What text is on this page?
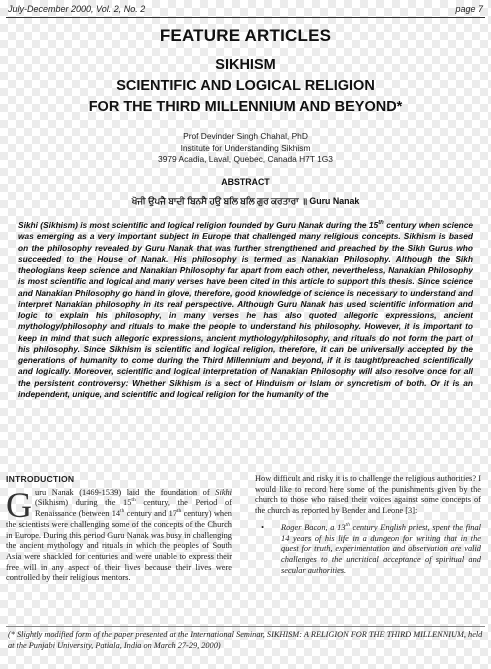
July-December 2000, Vol. 2, No. 2	page 7
FEATURE ARTICLES
SIKHISM
SCIENTIFIC AND LOGICAL RELIGION
FOR THE THIRD MILLENNIUM AND BEYOND*
Prof Devinder Singh Chahal, PhD
Institute for Understanding Sikhism
3979 Acadia, Laval, Quebec, Canada H7T 1G3
ABSTRACT
ਖੋਜੀ ਉਪਜੈ ਬਾਦੀ ਬਿਨਸੈ ਹਉ ਬਲਿ ਬਲਿ ਗੁਰ ਕਰਤਾਰਾ ॥ Guru Nanak
Sikhi (Sikhism) is most scientific and logical religion founded by Guru Nanak during the 15th century when science was emerging as a very important subject in Europe that challenged many religious concepts. Sikhism is based on the philosophy revealed by Guru Nanak that was further strengthened and preached by the Sikh Gurus who succeeded to the House of Nanak. His philosophy is termed as Nanakian Philosophy. Although the Sikh theologians keep science and Nanakian Philosophy far apart from each other, nevertheless, Nanakian Philosophy is most scientific and logical and many verses have been cited in this article to support this thesis. Since science and Nanakian Philosophy go hand in glove, therefore, good knowledge of science is necessary to understand and interpret Nanakian philosophy in its real perspective. Although Guru Nanak has used scientific information and logic to explain his philosophy, in many verses he has also quoted allegoric expressions, ancient mythology/philosophy and rituals to make the people to understand his philosophy. However, it is important to keep in mind that such allegoric expressions, ancient mythology/philosophy, and rituals do not form the part of his philosophy. Since Sikhism is scientific and logical religion, therefore, it can be universally accepted by the generations of humanity to come during the Third Millennium and beyond, if it is taught/preached scientifically and logically. Moreover, scientific and logical interpretation of Nanakian Philosophy will also resolve once for all the persistent controversy: Whether Sikhism is a sect of Hinduism or Islam or syncretism of both. Or it is an independent, unique, and scientific and logical religion for the humanity of the
INTRODUCTION
G uru Nanak (1469-1539) laid the foundation of Sikhi (Sikhism) during the 15th century, the Period of Renaissance (between 14th century and 17th century) when the scientists were challenging some of the concepts of the Church in Europe. During this period Guru Nanak was busy in challenging the ancient mythology and rituals in which the peoples of South Asia were shackled for centuries and were unable to express their free will in any aspect of their lives because their lives were controlled by their religious mentors.
How difficult and risky it is to challenge the religious authorities? I would like to record here some of the punishments given by the church to those who raised their voices against some concepts of the church as reported by Bender and Leone [3]:
• Roger Bacon, a 13th century English priest, spent the final 14 years of his life in a dungeon for writing that in the quest for truth, experimentation and observation are valid challenges to the uncritical acceptance of spiritual and secular authorities.
(* Slightly modified form of the paper presented at the International Seminar, SIKHISM: A RELIGION FOR THE THIRD MILLENNIUM, held at the Punjabi University, Patiala, India on March 27-29, 2000)
